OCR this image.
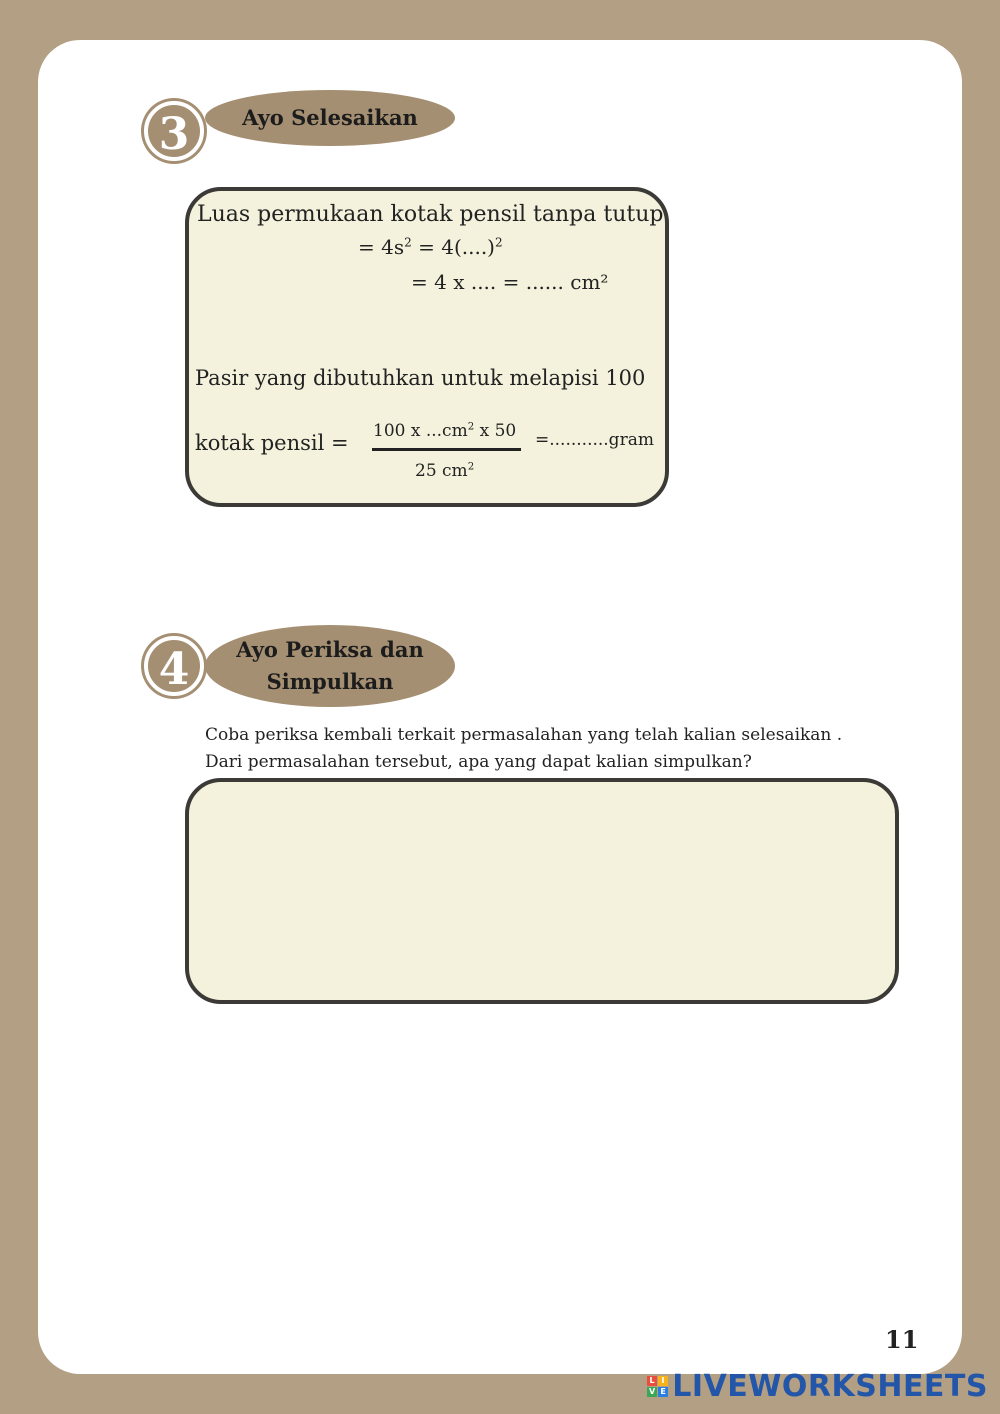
3	Ayo Selesaikan
Luas permukaan kotak pensil tanpa tutup
= $4s^2 = 4(....)^2$
= 4 x .... = ...... cm²
Pasir yang dibutuhkan untuk melapisi 100
kotak pensil = 100 x $...cm^2$ x 50 =...........gram
25 $cm^2$
4	Ayo Periksa dan Simpulkan
Coba periksa kembali terkait permasalahan yang telah kalian selesaikan .
Dari permasalahan tersebut, apa yang dapat kalian simpulkan?
11
L I
V E LIVEWORKSHEETS
